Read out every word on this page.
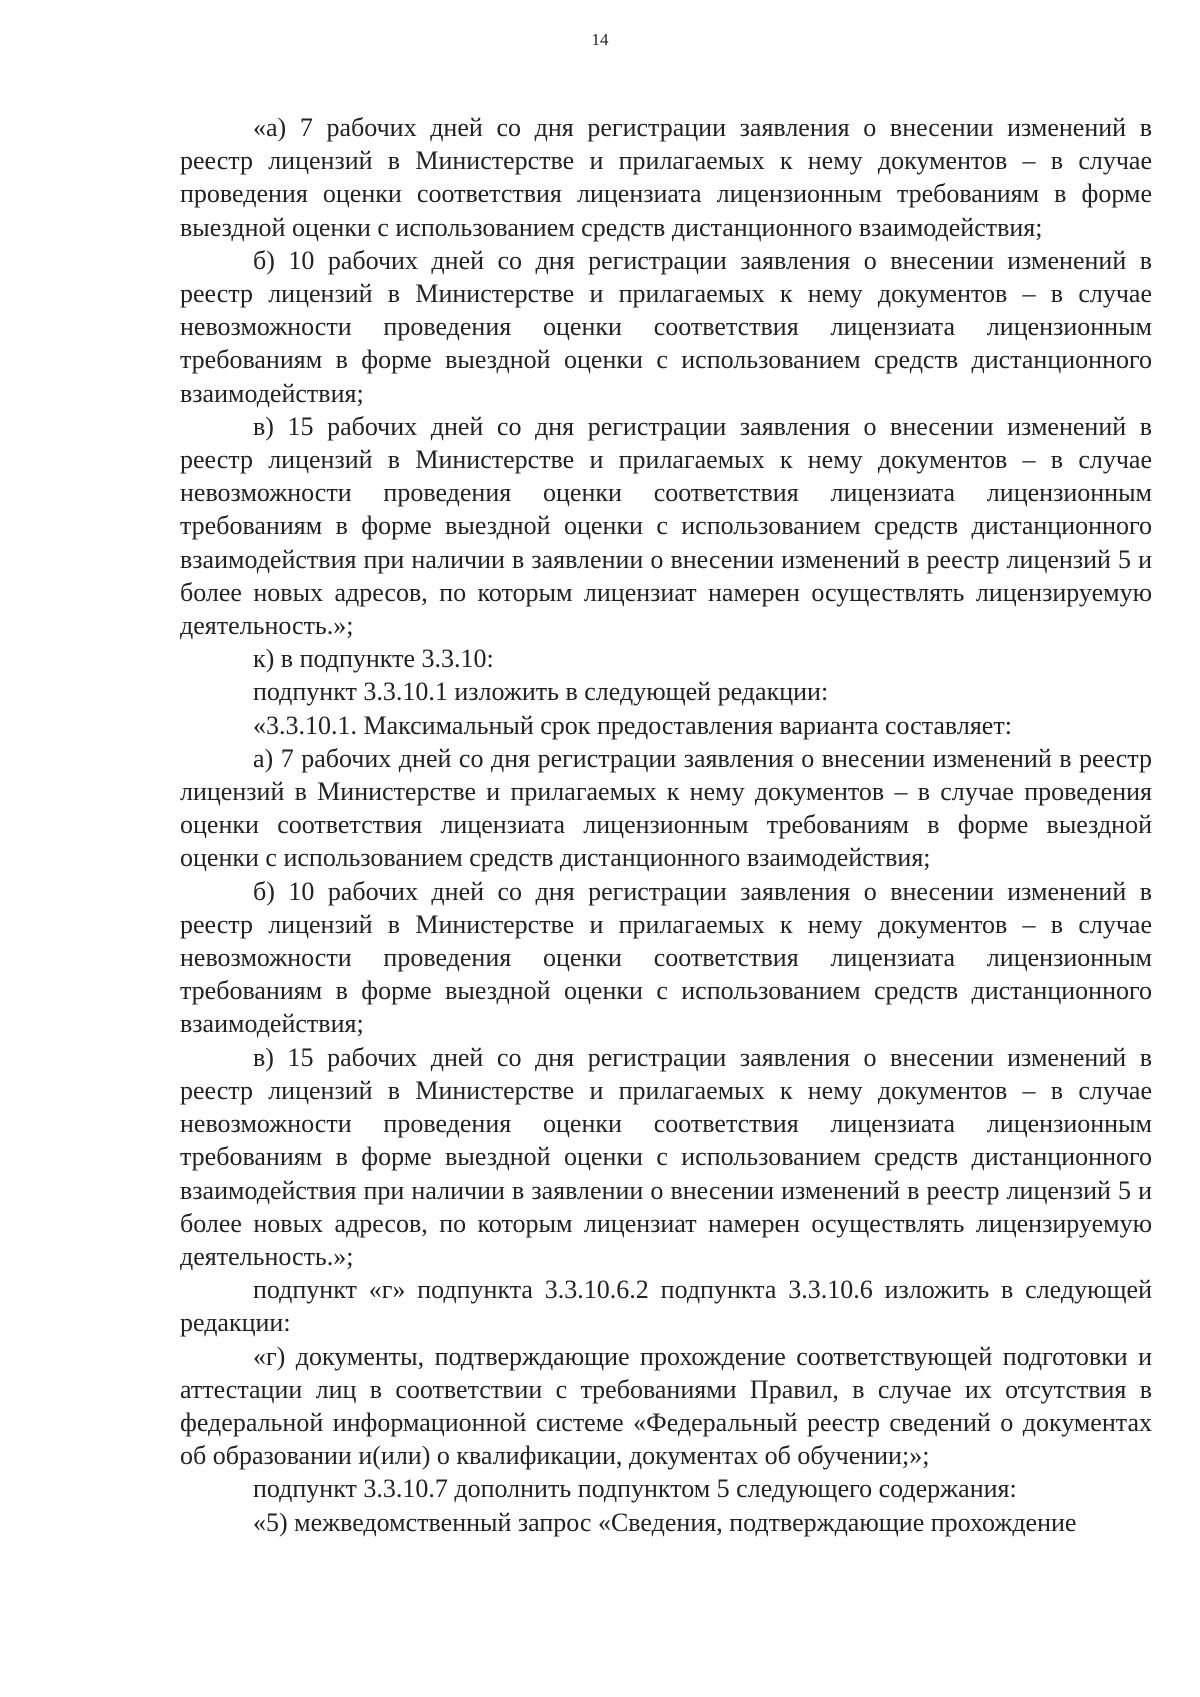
14

«а) 7 рабочих дней со дня регистрации заявления о внесении изменений в реестр лицензий в Министерстве и прилагаемых к нему документов – в случае проведения оценки соответствия лицензиата лицензионным требованиям в форме выездной оценки с использованием средств дистанционного взаимодействия;

б) 10 рабочих дней со дня регистрации заявления о внесении изменений в реестр лицензий в Министерстве и прилагаемых к нему документов – в случае невозможности проведения оценки соответствия лицензиата лицензионным требованиям в форме выездной оценки с использованием средств дистанционного взаимодействия;

в) 15 рабочих дней со дня регистрации заявления о внесении изменений в реестр лицензий в Министерстве и прилагаемых к нему документов – в случае невозможности проведения оценки соответствия лицензиата лицензионным требованиям в форме выездной оценки с использованием средств дистанционного взаимодействия при наличии в заявлении о внесении изменений в реестр лицензий 5 и более новых адресов, по которым лицензиат намерен осуществлять лицензируемую деятельность.»;

к) в подпункте 3.3.10:

подпункт 3.3.10.1 изложить в следующей редакции:

«3.3.10.1. Максимальный срок предоставления варианта составляет:

а) 7 рабочих дней со дня регистрации заявления о внесении изменений в реестр лицензий в Министерстве и прилагаемых к нему документов – в случае проведения оценки соответствия лицензиата лицензионным требованиям в форме выездной оценки с использованием средств дистанционного взаимодействия;

б) 10 рабочих дней со дня регистрации заявления о внесении изменений в реестр лицензий в Министерстве и прилагаемых к нему документов – в случае невозможности проведения оценки соответствия лицензиата лицензионным требованиям в форме выездной оценки с использованием средств дистанционного взаимодействия;

в) 15 рабочих дней со дня регистрации заявления о внесении изменений в реестр лицензий в Министерстве и прилагаемых к нему документов – в случае невозможности проведения оценки соответствия лицензиата лицензионным требованиям в форме выездной оценки с использованием средств дистанционного взаимодействия при наличии в заявлении о внесении изменений в реестр лицензий 5 и более новых адресов, по которым лицензиат намерен осуществлять лицензируемую деятельность.»;

подпункт «г» подпункта 3.3.10.6.2 подпункта 3.3.10.6 изложить в следующей редакции:

«г) документы, подтверждающие прохождение соответствующей подготовки и аттестации лиц в соответствии с требованиями Правил, в случае их отсутствия в федеральной информационной системе «Федеральный реестр сведений о документах об образовании и(или) о квалификации, документах об обучении;»;

подпункт 3.3.10.7 дополнить подпунктом 5 следующего содержания:

«5) межведомственный запрос «Сведения, подтверждающие прохождение
